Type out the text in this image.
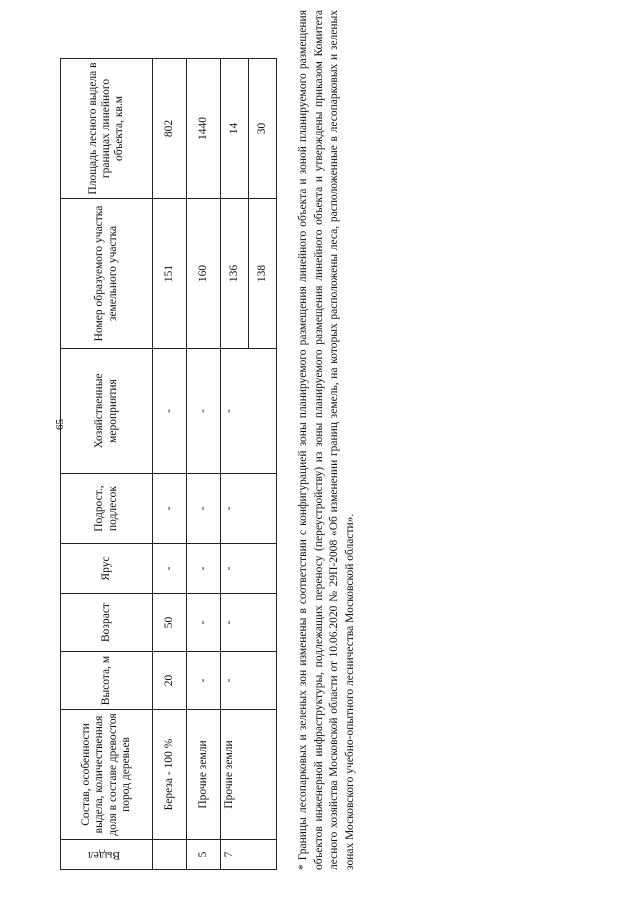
65
Выдел	Состав, особенности выдела, количественная доля в составе древостоя пород деревьев	Высота, м	Возраст	Ярус	Подрост., подлесок	Хозяйственные мероприятия	Номер образуемого участка земельного участка	Площадь лесного выдела в границах линейного объекта, кв.м
	Береза - 100 %	20	50	-	-	-	151	802
5	Прочие земли	-	-	-	-	-	160	1440
7	Прочие земли	-	-	-	-	-	136	14
							138	30	* Границы лесопарковых и зеленых зон изменены в соответствии с конфигурацией зоны планируемого размещения линейного объекта и зоной планируемого размещения объектов инженерной инфраструктуры, подлежащих переносу (переустройству) из зоны планируемого размещения линейного объекта и утверждены приказом Комитета лесного хозяйства Московской области от 10.06.2020 № 29П-2008 «Об изменении границ земель, на которых расположены леса, расположенные в лесопарковых и зеленых зонах Московского учебно-опытного лесничества Московской области».
